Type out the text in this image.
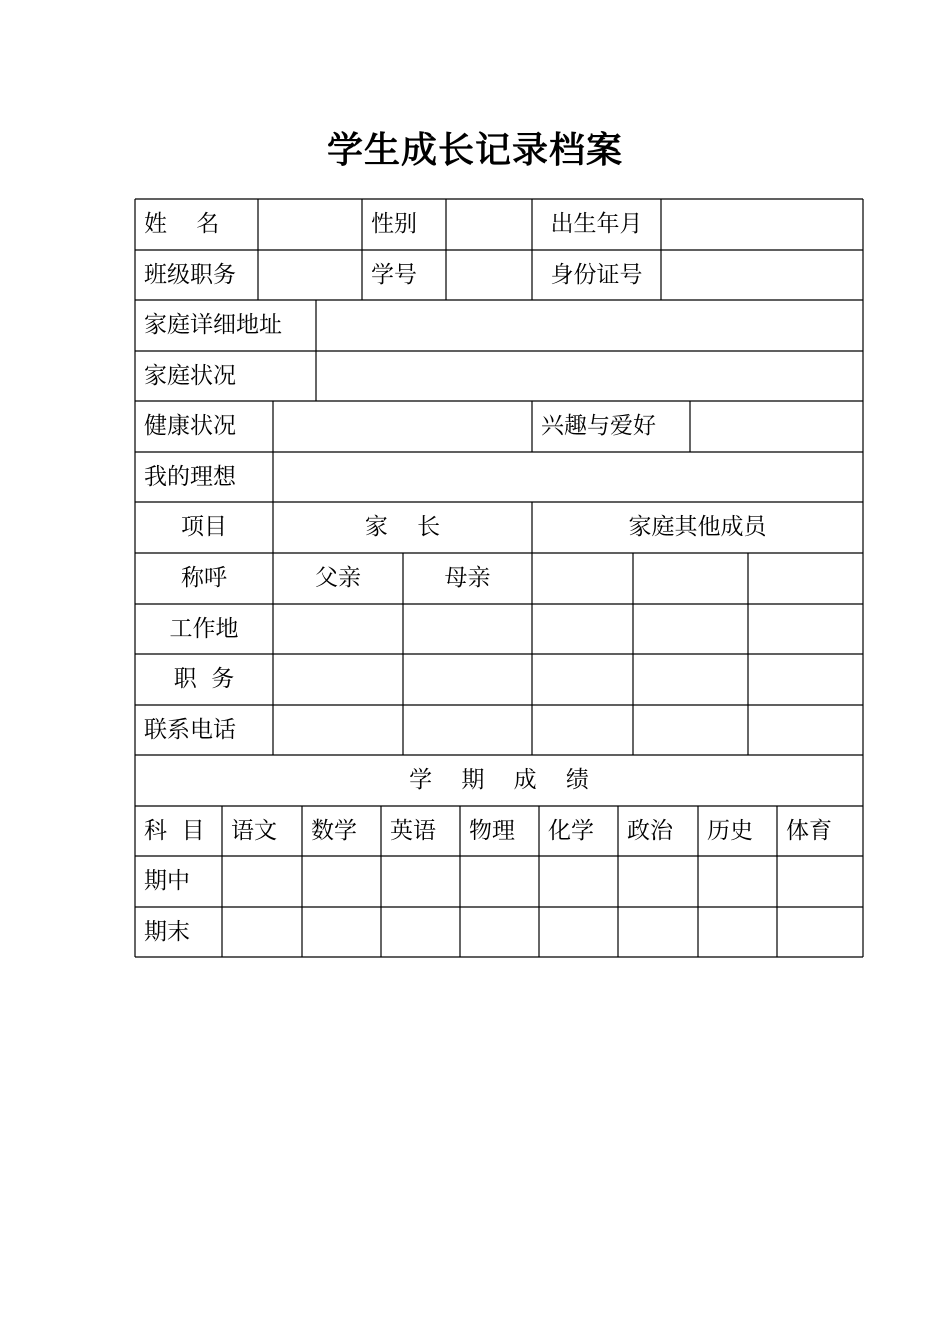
学生成长记录档案
姓    名	性别	出生年月
班级职务	学号	身份证号
家庭详细地址
家庭状况
健康状况	兴趣与爱好
我的理想
项目	家    长	家庭其他成员
称呼	父亲	母亲
工作地
职  务
联系电话
学    期    成    绩
科  目	语文	数学	英语	物理	化学	政治	历史	体育
期中
期末
